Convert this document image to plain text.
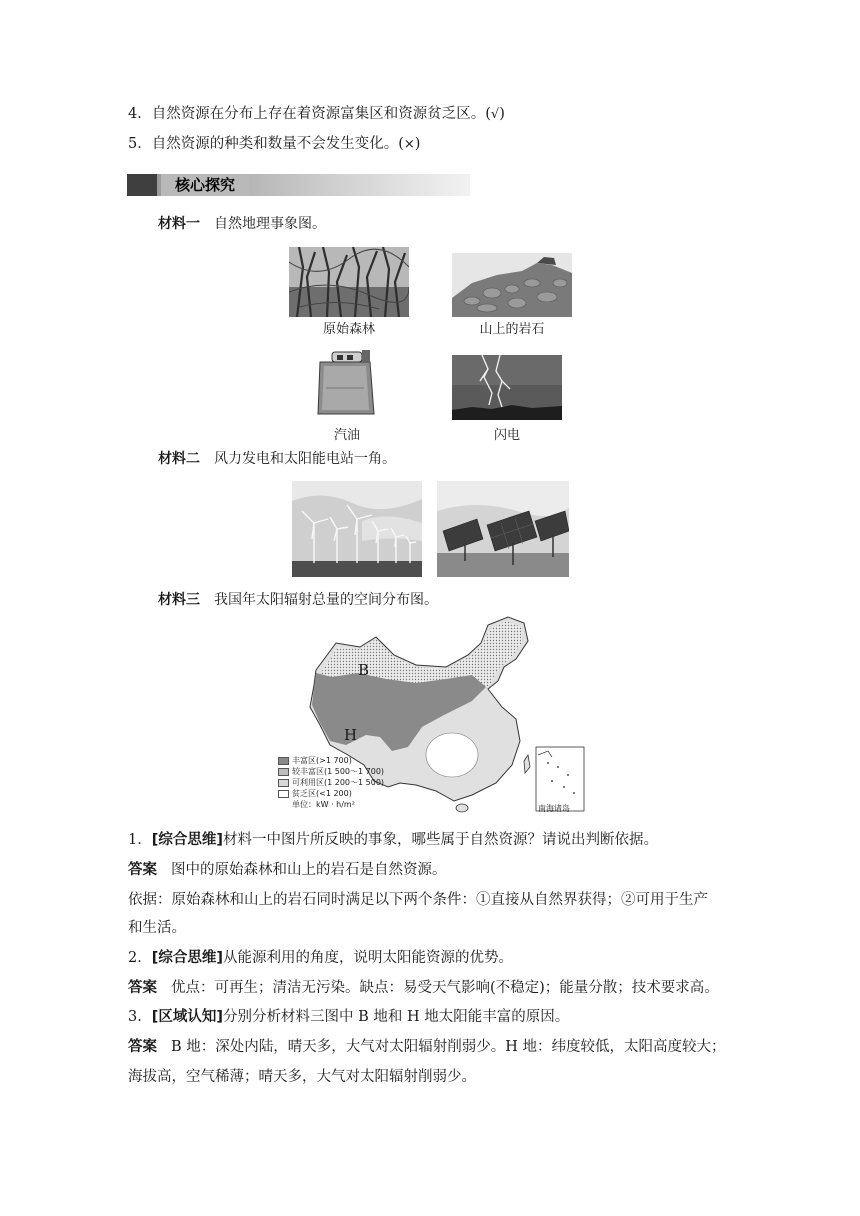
4．自然资源在分布上存在着资源富集区和资源贫乏区。(√)
5．自然资源的种类和数量不会发生变化。(×)
核心探究
材料一 自然地理事象图。
原始森林	山上的岩石
汽油	闪电
材料二 风力发电和太阳能电站一角。
材料三 我国年太阳辐射总量的空间分布图。
B
H
南海诸岛
丰富区(>1 700)
较丰富区(1 500～1 700)
可利用区(1 200～1 500)
贫乏区(<1 200)
单位：kW · h/m²
1．[综合思维]材料一中图片所反映的事象，哪些属于自然资源？请说出判断依据。
答案 图中的原始森林和山上的岩石是自然资源。
依据：原始森林和山上的岩石同时满足以下两个条件：①直接从自然界获得；②可用于生产
和生活。
2．[综合思维]从能源利用的角度，说明太阳能资源的优势。
答案 优点：可再生；清洁无污染。缺点：易受天气影响(不稳定)；能量分散；技术要求高。
3．[区域认知]分别分析材料三图中 B 地和 H 地太阳能丰富的原因。
答案 B 地：深处内陆，晴天多，大气对太阳辐射削弱少。H 地：纬度较低，太阳高度较大；
海拔高，空气稀薄；晴天多，大气对太阳辐射削弱少。
